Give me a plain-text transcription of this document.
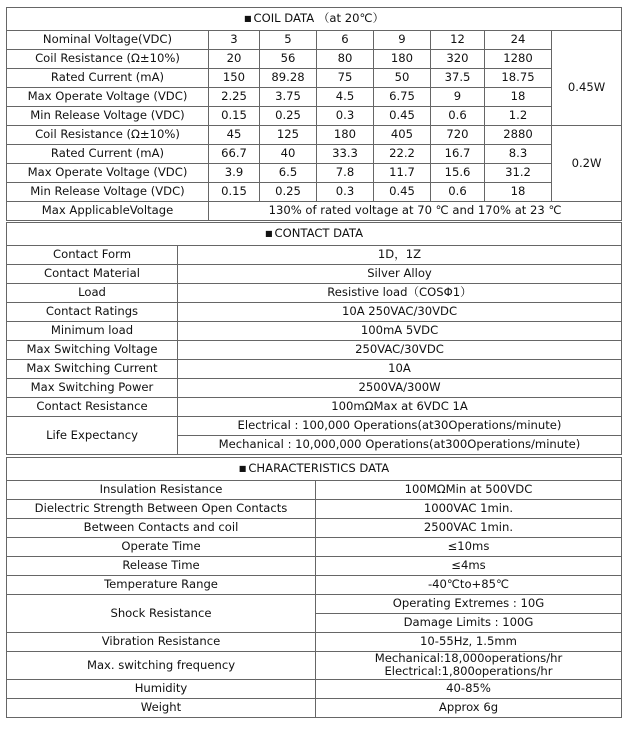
■ COIL DATA （at 20℃）							
Nominal Voltage(VDC)	3	5	6	9	12	24	
Coil Resistance (Ω±10%)	20	56	80	180	320	1280	0.45W
Rated Current (mA)	150	89.28	75	50	37.5	18.75	
Max Operate Voltage (VDC)	2.25	3.75	4.5	6.75	9	18	
Min Release Voltage (VDC)	0.15	0.25	0.3	0.45	0.6	1.2	
Coil Resistance (Ω±10%)	45	125	180	405	720	2880	0.2W
Rated Current (mA)	66.7	40	33.3	22.2	16.7	8.3	
Max Operate Voltage (VDC)	3.9	6.5	7.8	11.7	15.6	31.2	
Min Release Voltage (VDC)	0.15	0.25	0.3	0.45	0.6	18	
Max ApplicableVoltage	130% of rated voltage at 70 ℃ and 170% at 23 ℃						
■ CONTACT DATA	
Contact Form	1D，1Z
Contact Material	Silver Alloy
Load	Resistive load（COSΦ1）
Contact Ratings	10A 250VAC/30VDC
Minimum load	100mA 5VDC
Max Switching Voltage	250VAC/30VDC
Max Switching Current	10A
Max Switching Power	2500VA/300W
Contact Resistance	100mΩMax at 6VDC 1A
Life Expectancy	Electrical : 100,000 Operations(at30Operations/minute)
	Mechanical : 10,000,000 Operations(at300Operations/minute)
■ CHARACTERISTICS DATA	
Insulation Resistance	100MΩMin at 500VDC
Dielectric Strength Between Open Contacts	1000VAC 1min.
Between Contacts and coil	2500VAC 1min.
Operate Time	≤10ms
Release Time	≤4ms
Temperature Range	-40℃to+85℃
Shock Resistance	Operating Extremes : 10G
	Damage Limits : 100G
Vibration Resistance	10-55Hz, 1.5mm
Max. switching frequency	Mechanical:18,000operations/hr
Electrical:1,800operations/hr

Humidity	40-85%
Weight	Approx 6g
